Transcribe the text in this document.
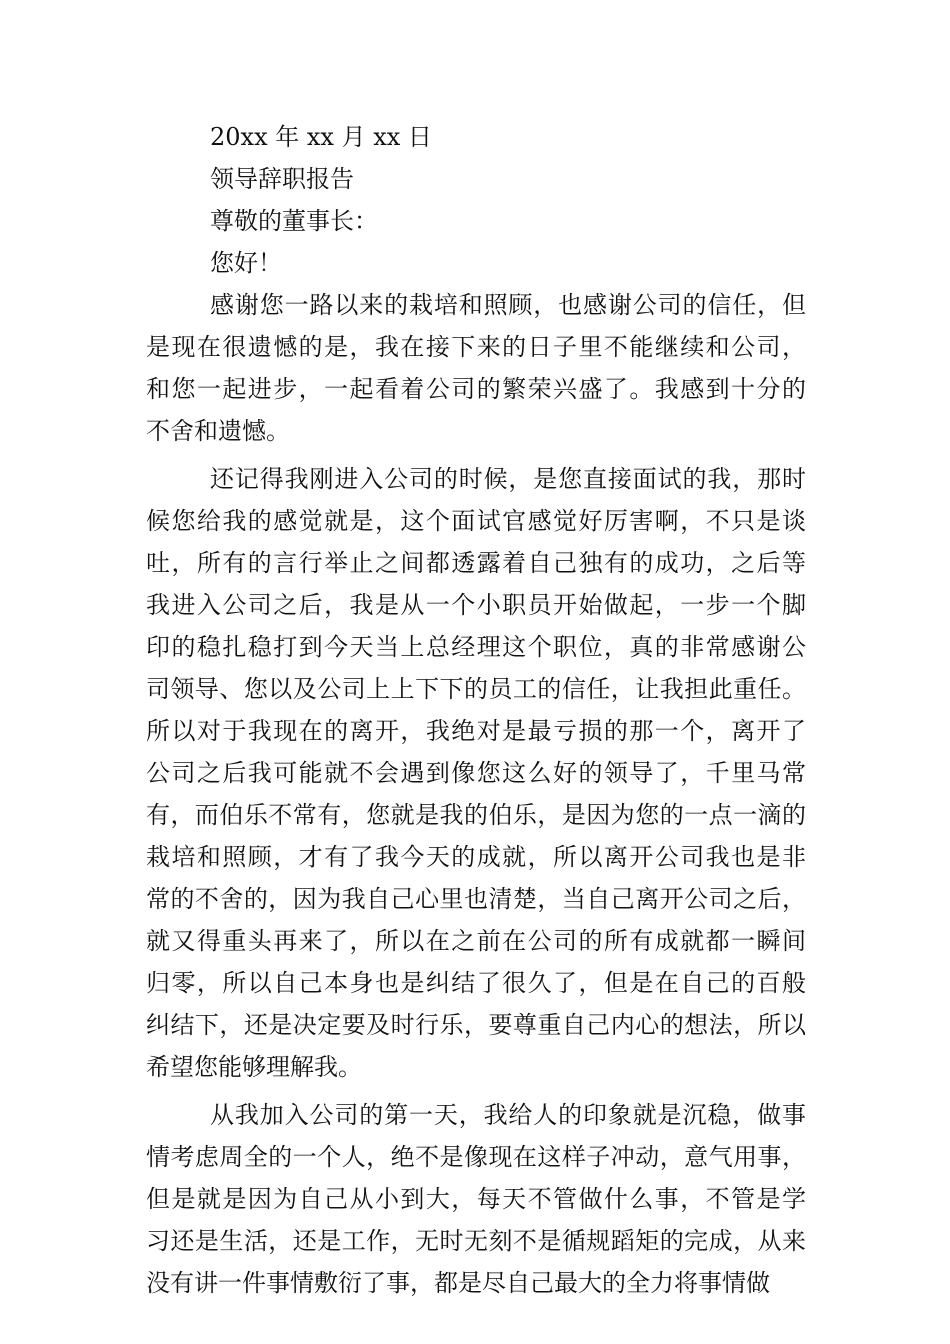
20xx 年 xx 月 xx 日
领导辞职报告
尊敬的董事长：
您好！
感谢您一路以来的栽培和照顾，也感谢公司的信任，但
是现在很遗憾的是，我在接下来的日子里不能继续和公司，
和您一起进步，一起看着公司的繁荣兴盛了。我感到十分的
不舍和遗憾。
还记得我刚进入公司的时候，是您直接面试的我，那时
候您给我的感觉就是，这个面试官感觉好厉害啊，不只是谈
吐，所有的言行举止之间都透露着自己独有的成功，之后等
我进入公司之后，我是从一个小职员开始做起，一步一个脚
印的稳扎稳打到今天当上总经理这个职位，真的非常感谢公
司领导、您以及公司上上下下的员工的信任，让我担此重任。
所以对于我现在的离开，我绝对是最亏损的那一个，离开了
公司之后我可能就不会遇到像您这么好的领导了，千里马常
有，而伯乐不常有，您就是我的伯乐，是因为您的一点一滴的
栽培和照顾，才有了我今天的成就，所以离开公司我也是非
常的不舍的，因为我自己心里也清楚，当自己离开公司之后，
就又得重头再来了，所以在之前在公司的所有成就都一瞬间
归零，所以自己本身也是纠结了很久了，但是在自己的百般
纠结下，还是决定要及时行乐，要尊重自己内心的想法，所以
希望您能够理解我。
从我加入公司的第一天，我给人的印象就是沉稳，做事
情考虑周全的一个人，绝不是像现在这样子冲动，意气用事，
但是就是因为自己从小到大，每天不管做什么事，不管是学
习还是生活，还是工作，无时无刻不是循规蹈矩的完成，从来
没有讲一件事情敷衍了事，都是尽自己最大的全力将事情做
